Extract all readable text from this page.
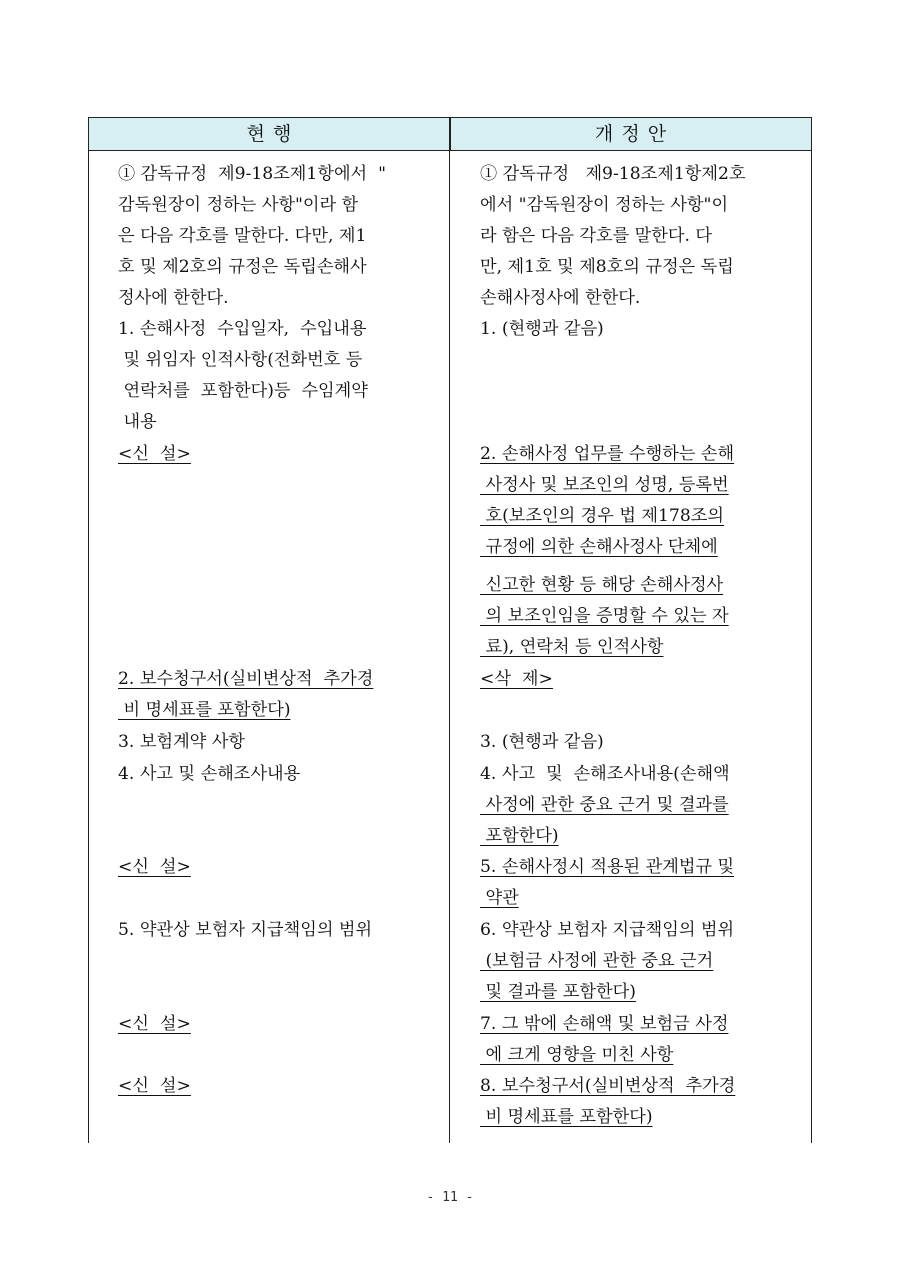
현 행	개 정 안
① 감독규정  제9-18조제1항에서  "
감독원장이 정하는 사항"이라 함
은 다음 각호를 말한다. 다만, 제1
호 및 제2호의 규정은 독립손해사
정사에 한한다.
1. 손해사정  수입일자,  수입내용
및 위임자 인적사항(전화번호 등
연락처를  포함한다)등  수임계약
내용
<신  설>
2. 보수청구서(실비변상적  추가경
비 명세표를 포함한다)
3. 보험계약 사항
4. 사고 및 손해조사내용
<신  설>
5. 약관상 보험자 지급책임의 범위
<신  설>
<신  설>
① 감독규정   제9-18조제1항제2호
에서 "감독원장이 정하는 사항"이
라 함은 다음 각호를 말한다. 다
만, 제1호 및 제8호의 규정은 독립
손해사정사에 한한다.
1. (현행과 같음)
2. 손해사정 업무를 수행하는 손해
사정사 및 보조인의 성명, 등록번
호(보조인의 경우 법 제178조의
규정에 의한 손해사정사 단체에
신고한 현황 등 해당 손해사정사
의 보조인임을 증명할 수 있는 자
료), 연락처 등 인적사항
<삭  제>
3. (현행과 같음)
4. 사고  및  손해조사내용(손해액
사정에 관한 중요 근거 및 결과를
포함한다)
5. 손해사정시 적용된 관계법규 및
약관
6. 약관상 보험자 지급책임의 범위
(보험금 사정에 관한 중요 근거
및 결과를 포함한다)
7. 그 밖에 손해액 및 보험금 사정
에 크게 영향을 미친 사항
8. 보수청구서(실비변상적  추가경
비 명세표를 포함한다)
- 11 -
